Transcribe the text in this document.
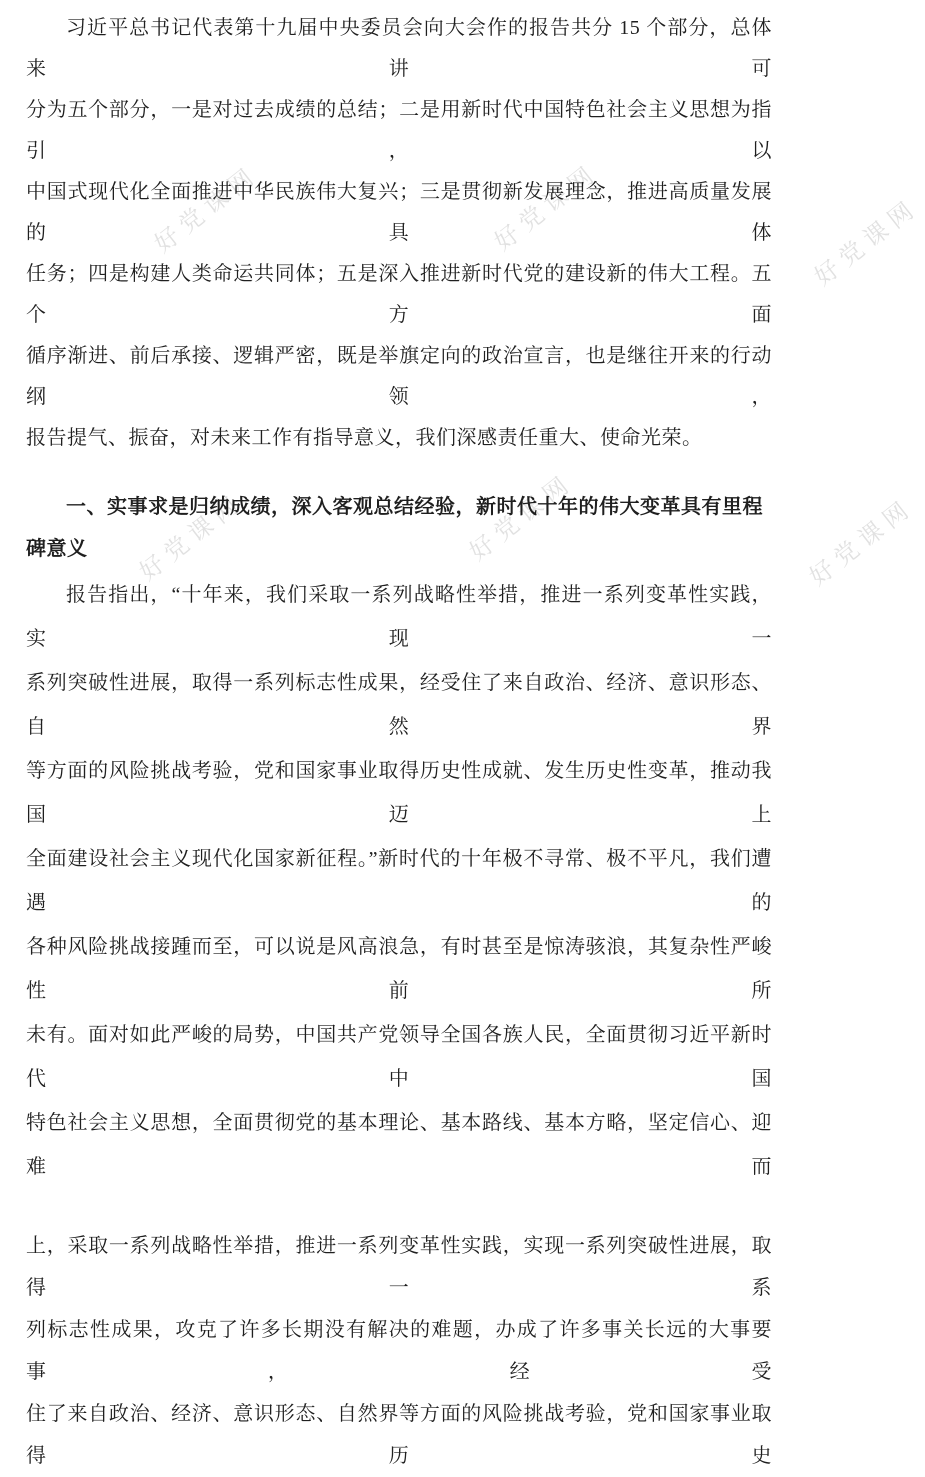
好党课网	好党课网	好党课网
好党课网	好党课网	好党课网
习近平总书记代表第十九届中央委员会向大会作的报告共分 15 个部分，总体来讲可
分为五个部分，一是对过去成绩的总结；二是用新时代中国特色社会主义思想为指引，以
中国式现代化全面推进中华民族伟大复兴；三是贯彻新发展理念，推进高质量发展的具体
任务；四是构建人类命运共同体；五是深入推进新时代党的建设新的伟大工程。五个方面
循序渐进、前后承接、逻辑严密，既是举旗定向的政治宣言，也是继往开来的行动纲领，
报告提气、振奋，对未来工作有指导意义，我们深感责任重大、使命光荣。
一、实事求是归纳成绩，深入客观总结经验，新时代十年的伟大变革具有里程碑意义
报告指出，“十年来，我们采取一系列战略性举措，推进一系列变革性实践，实现一
系列突破性进展，取得一系列标志性成果，经受住了来自政治、经济、意识形态、自然界
等方面的风险挑战考验，党和国家事业取得历史性成就、发生历史性变革，推动我国迈上
全面建设社会主义现代化国家新征程。”新时代的十年极不寻常、极不平凡，我们遭遇的
各种风险挑战接踵而至，可以说是风高浪急，有时甚至是惊涛骇浪，其复杂性严峻性前所
未有。面对如此严峻的局势，中国共产党领导全国各族人民，全面贯彻习近平新时代中国
特色社会主义思想，全面贯彻党的基本理论、基本路线、基本方略，坚定信心、迎难而
上，采取一系列战略性举措，推进一系列变革性实践，实现一系列突破性进展，取得一系
列标志性成果，攻克了许多长期没有解决的难题，办成了许多事关长远的大事要事，经受
住了来自政治、经济、意识形态、自然界等方面的风险挑战考验，党和国家事业取得历史
